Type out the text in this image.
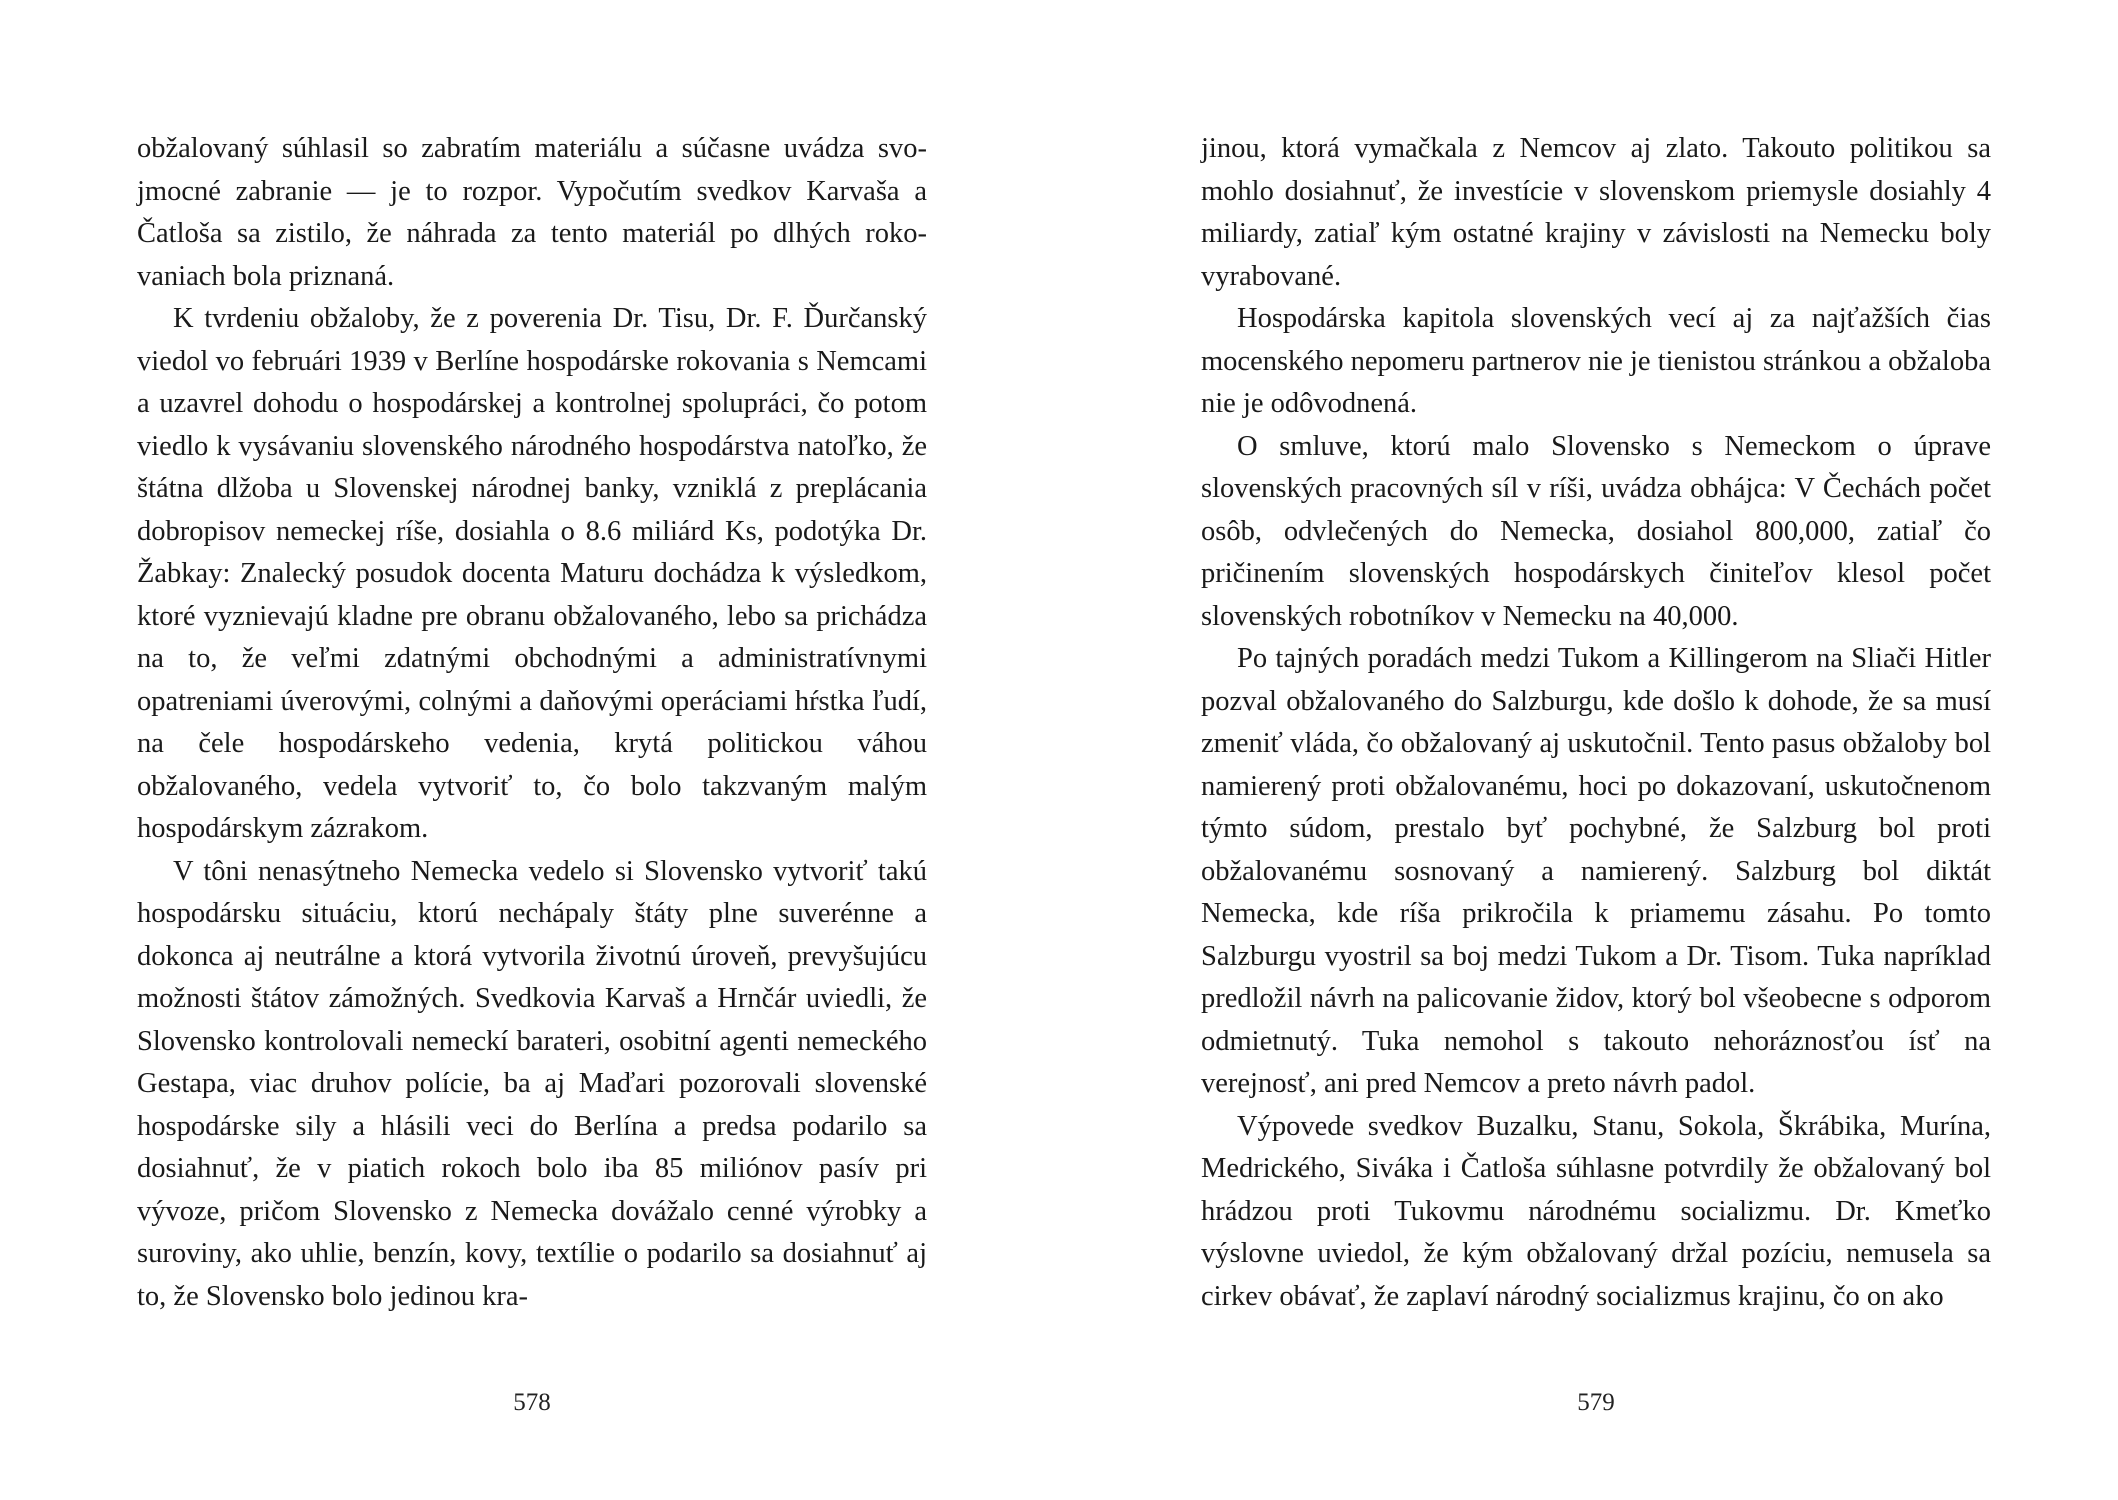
obžalovaný súhlasil so zabratím materiálu a súčasne uvádza svojmocné zabranie — je to rozpor. Vypočutím svedkov Karvaša a Čatloša sa zistilo, že náhrada za tento materiál po dlhých rokovaniach bola priznaná.

K tvrdeniu obžaloby, že z poverenia Dr. Tisu, Dr. F. Ďurčanský viedol vo februári 1939 v Berlíne hospodárske rokovania s Nemcami a uzavrel dohodu o hospodárskej a kontrolnej spolupráci, čo potom viedlo k vysávaniu slovenského národného hospodárstva natoľko, že štátna dlžoba u Slovenskej národnej banky, vzniklá z preplácania dobropisov nemeckej ríše, dosiahla o 8.6 miliárd Ks, podotýka Dr. Žabkay: Znalecký posudok docenta Maturu dochádza k výsledkom, ktoré vyznievajú kladne pre obranu obžalovaného, lebo sa prichádza na to, že veľmi zdatnými obchodnými a administratívnymi opatreniami úverovými, colnými a daňovými operáciami hŕstka ľudí, na čele hospodárskeho vedenia, krytá politickou váhou obžalovaného, vedela vytvoriť to, čo bolo takzvaným malým hospodárskym zázrakom.

V tôni nenasýtneho Nemecka vedelo si Slovensko vytvoriť takú hospodársku situáciu, ktorú nechápaly štáty plne suverénne a dokonca aj neutrálne a ktorá vytvorila životnú úroveň, prevyšujúcu možnosti štátov zámožných. Svedkovia Karvaš a Hrnčár uviedli, že Slovensko kontrolovali nemeckí barateri, osobitní agenti nemeckého Gestapa, viac druhov polície, ba aj Maďari pozorovali slovenské hospodárske sily a hlásili veci do Berlína a predsa podarilo sa dosiahnuť, že v piatich rokoch bolo iba 85 miliónov pasív pri vývoze, pričom Slovensko z Nemecka dovážalo cenné výrobky a suroviny, ako uhlie, benzín, kovy, textílie o podarilo sa dosiahnuť aj to, že Slovensko bolo jedinou kra-

578

jinou, ktorá vymačkala z Nemcov aj zlato. Takouto politikou sa mohlo dosiahnuť, že investície v slovenskom priemysle dosiahly 4 miliardy, zatiaľ kým ostatné krajiny v závislosti na Nemecku boly vyrabované.

Hospodárska kapitola slovenských vecí aj za najťažších čias mocenského nepomeru partnerov nie je tienistou stránkou a obžaloba nie je odôvodnená.

O smluve, ktorú malo Slovensko s Nemeckom o úprave slovenských pracovných síl v ríši, uvádza obhájca: V Čechách počet osôb, odvlečených do Nemecka, dosiahol 800,000, zatiaľ čo pričinením slovenských hospodárskych činiteľov klesol počet slovenských robotníkov v Nemecku na 40,000.

Po tajných poradách medzi Tukom a Killingerom na Sliači Hitler pozval obžalovaného do Salzburgu, kde došlo k dohode, že sa musí zmeniť vláda, čo obžalovaný aj uskutočnil. Tento pasus obžaloby bol namierený proti obžalovanému, hoci po dokazovaní, uskutočnenom týmto súdom, prestalo byť pochybné, že Salzburg bol proti obžalovanému sosnovaný a namierený. Salzburg bol diktát Nemecka, kde ríša prikročila k priamemu zásahu. Po tomto Salzburgu vyostril sa boj medzi Tukom a Dr. Tisom. Tuka napríklad predložil návrh na palicovanie židov, ktorý bol všeobecne s odporom odmietnutý. Tuka nemohol s takouto nehoráznosťou ísť na verejnosť, ani pred Nemcov a preto návrh padol.

Výpovede svedkov Buzalku, Stanu, Sokola, Škrábika, Murína, Medrického, Siváka i Čatloša súhlasne potvrdily že obžalovaný bol hrádzou proti Tukovmu národnému socializmu. Dr. Kmeťko výslovne uviedol, že kým obžalovaný držal pozíciu, nemusela sa cirkev obávať, že zaplaví národný socializmus krajinu, čo on ako

579
